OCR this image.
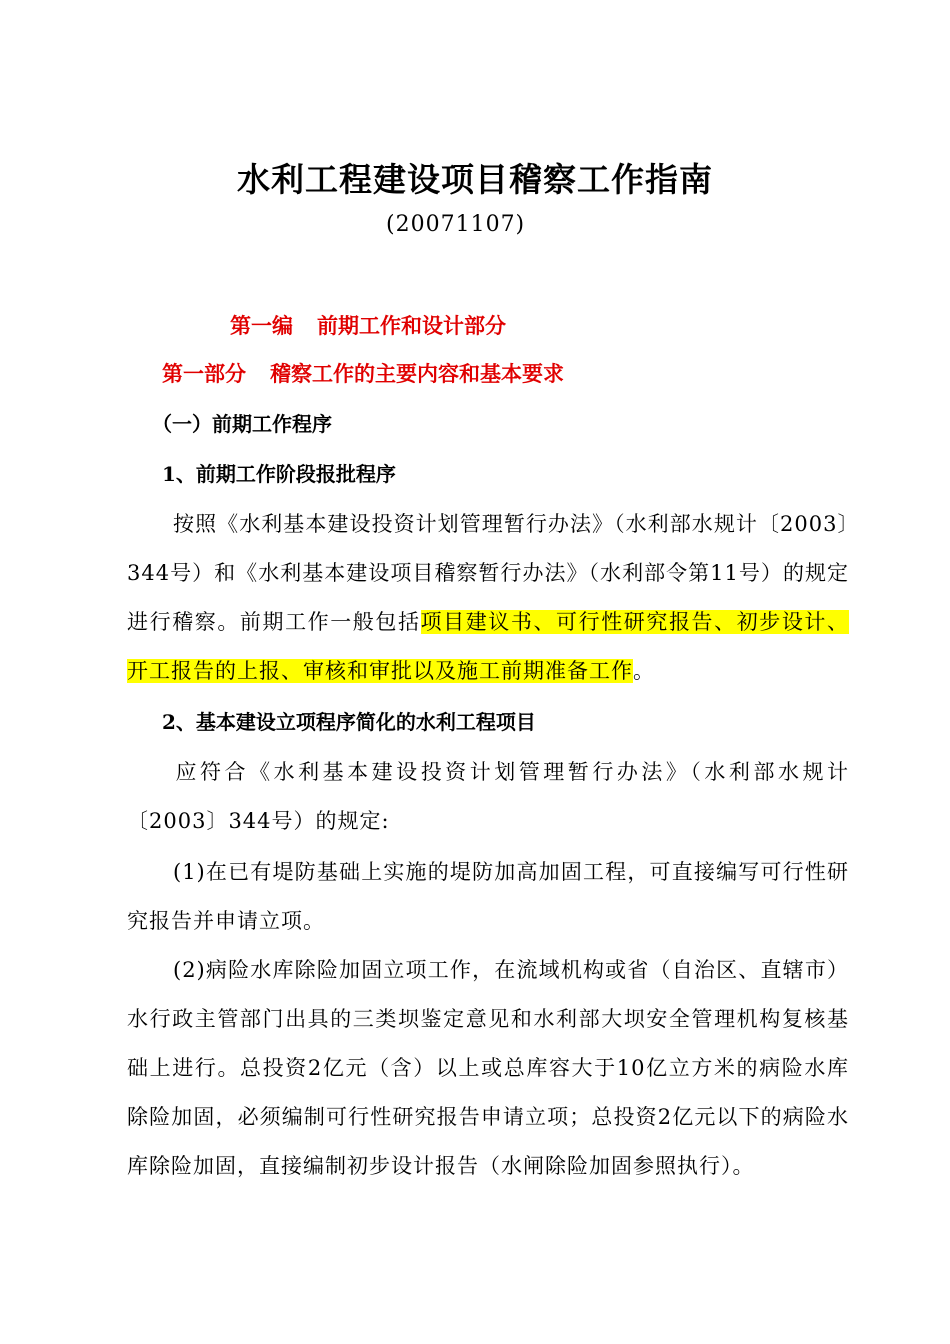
水利工程建设项目稽察工作指南
(20071107)
第一编 前期工作和设计部分
第一部分 稽察工作的主要内容和基本要求
（一）前期工作程序
1、前期工作阶段报批程序
按照《水利基本建设投资计划管理暂行办法》（水利部水规计〔2003〕344号）和《水利基本建设项目稽察暂行办法》（水利部令第11号）的规定进行稽察。前期工作一般包括项目建议书、可行性研究报告、初步设计、开工报告的上报、审核和审批以及施工前期准备工作。
2、基本建设立项程序简化的水利工程项目
应符合《水利基本建设投资计划管理暂行办法》（水利部水规计〔2003〕344号）的规定:
(1)在已有堤防基础上实施的堤防加高加固工程，可直接编写可行性研究报告并申请立项。
(2)病险水库除险加固立项工作，在流域机构或省（自治区、直辖市）水行政主管部门出具的三类坝鉴定意见和水利部大坝安全管理机构复核基础上进行。总投资2亿元（含）以上或总库容大于10亿立方米的病险水库除险加固，必须编制可行性研究报告申请立项；总投资2亿元以下的病险水库除险加固，直接编制初步设计报告（水闸除险加固参照执行）。
